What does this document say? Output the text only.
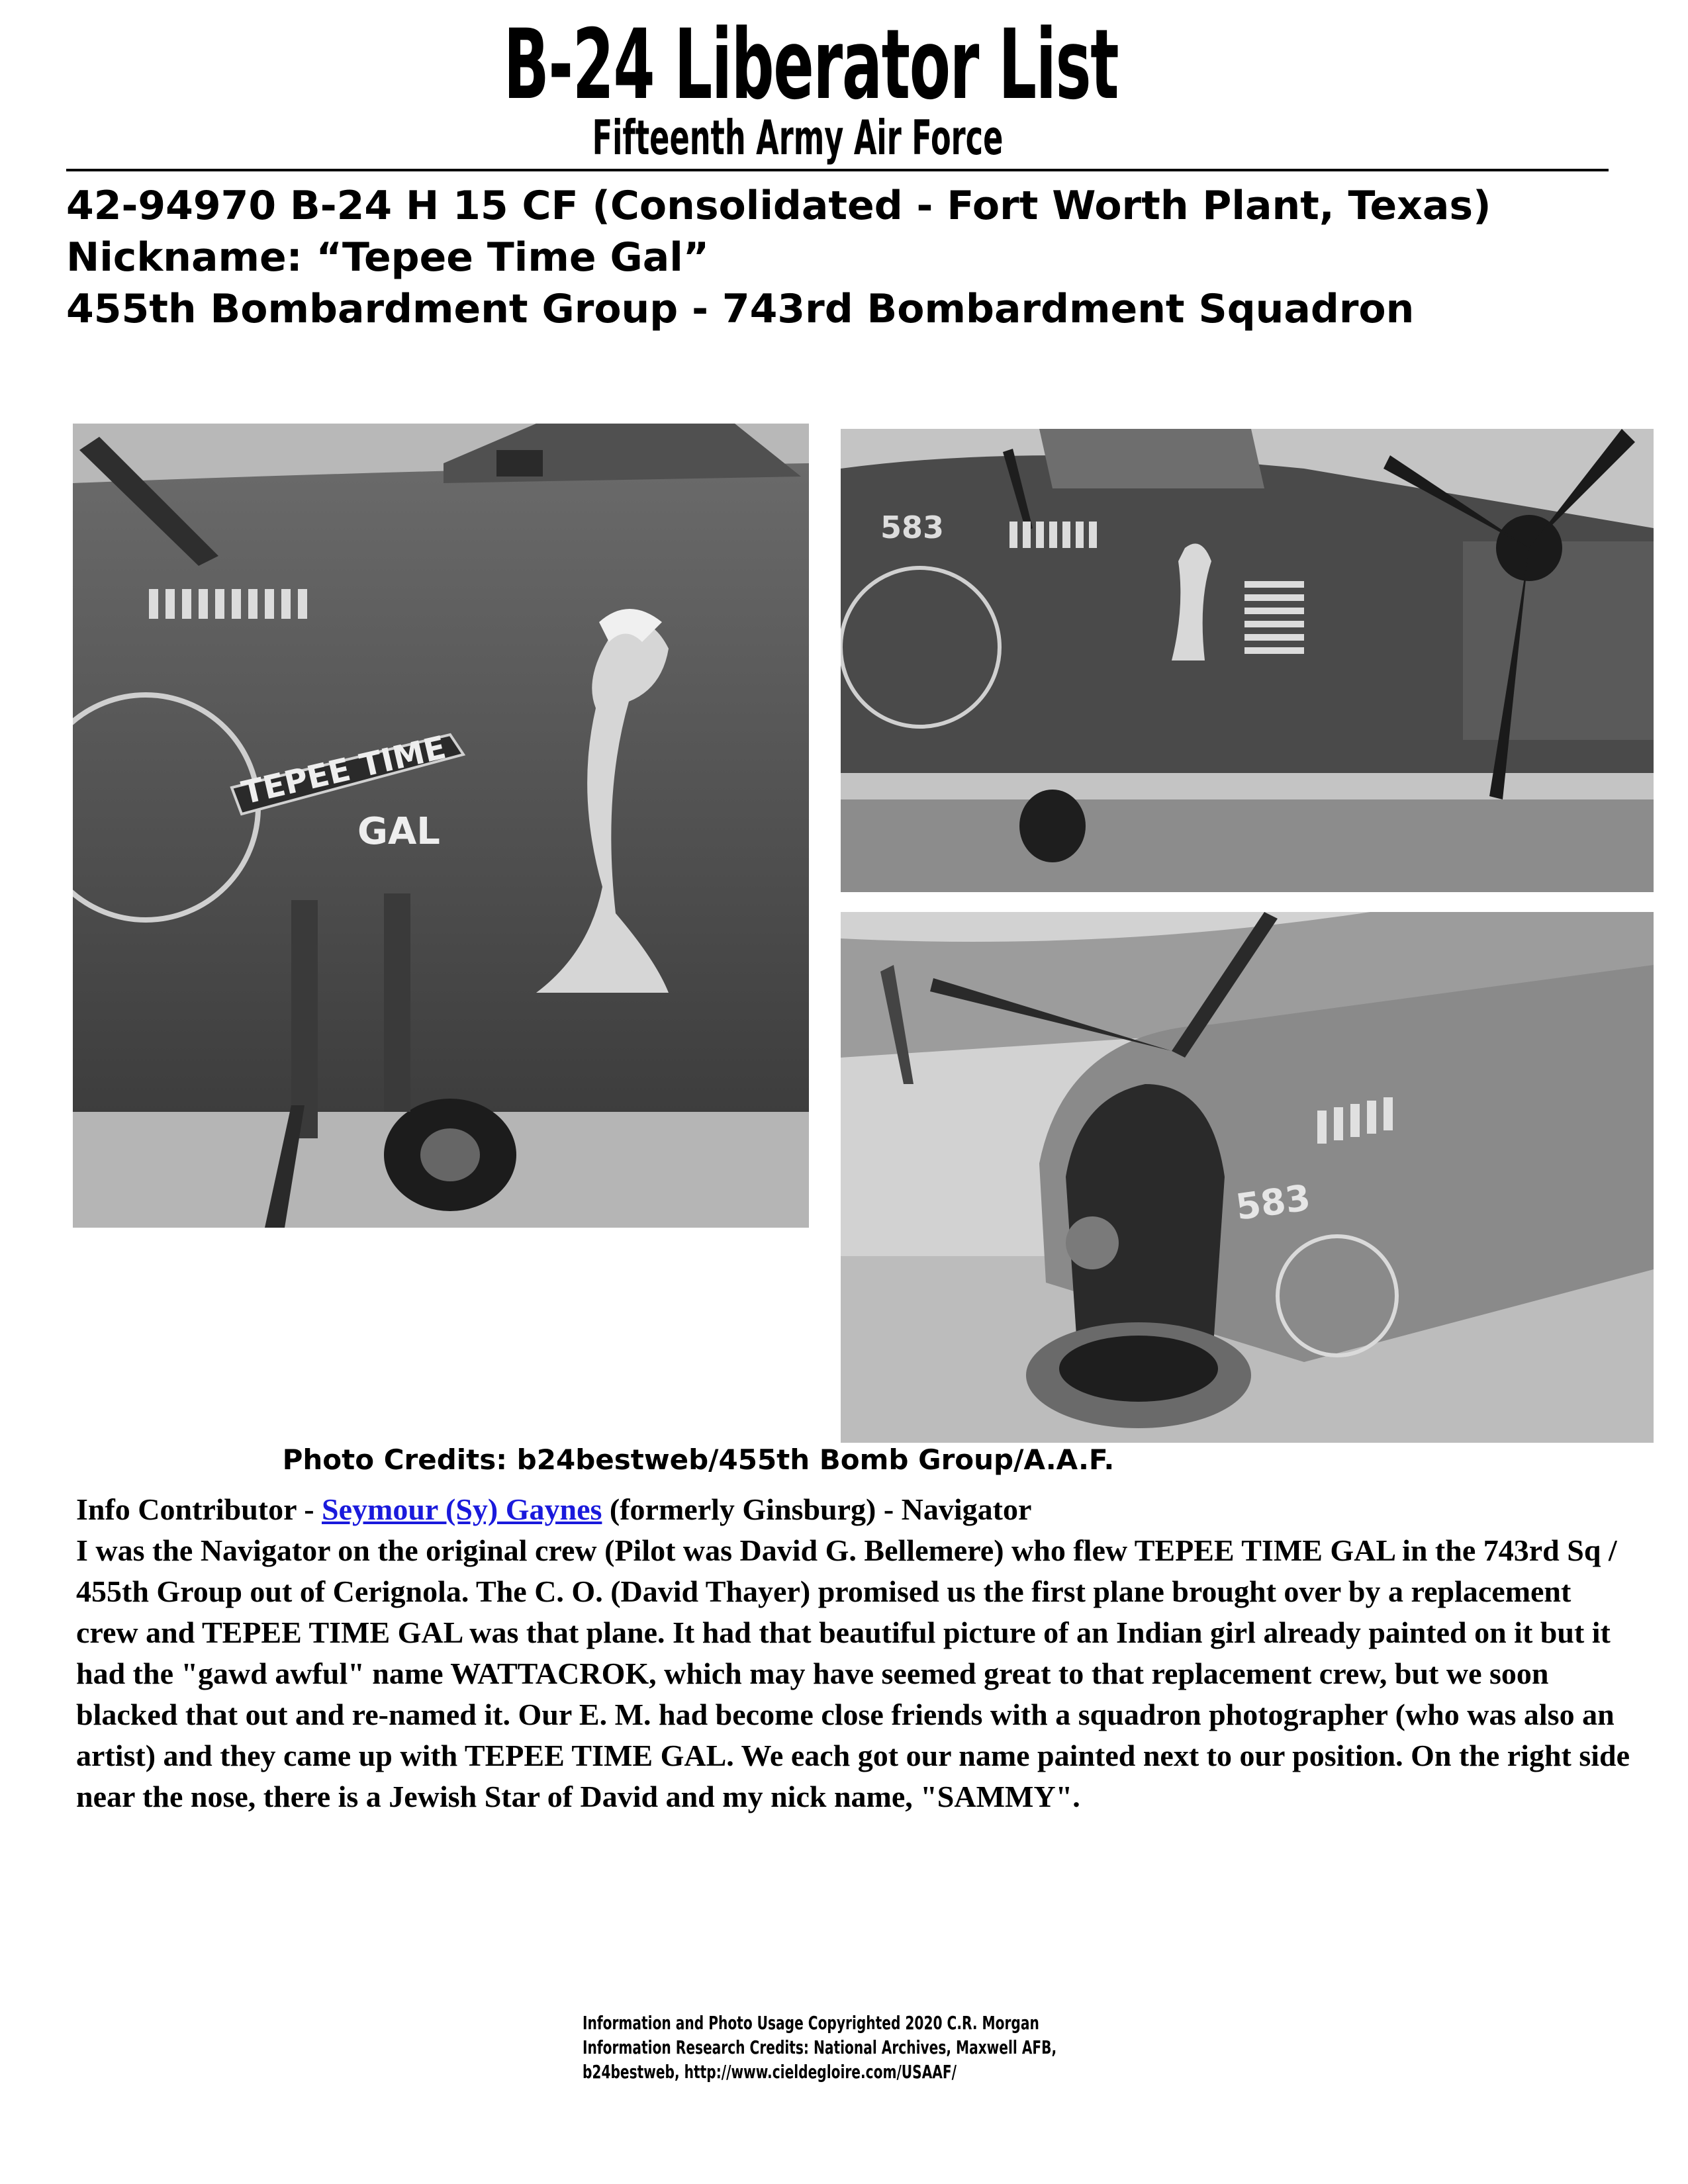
B-24 Liberator List
Fifteenth Army Air Force
42-94970 B-24 H 15 CF (Consolidated - Fort Worth Plant, Texas)
Nickname: “Tepee Time Gal”
455th Bombardment Group - 743rd Bombardment Squadron
TEPEE TIME
GAL
583
583
Photo Credits: b24bestweb/455th Bomb Group/A.A.F.
Info Contributor - Seymour (Sy) Gaynes (formerly Ginsburg) - Navigator
I was the Navigator on the original crew (Pilot was David G. Bellemere) who flew TEPEE TIME GAL in the 743rd Sq / 455th Group out of Cerignola. The C. O. (David Thayer) promised us the first plane brought over by a replacement crew and TEPEE TIME GAL was that plane. It had that beautiful picture of an Indian girl already painted on it but it had the "gawd awful" name WATTACROK, which may have seemed great to that replacement crew, but we soon blacked that out and re-named it. Our E. M. had become close friends with a squadron photographer (who was also an artist) and they came up with TEPEE TIME GAL. We each got our name painted next to our position. On the right side near the nose, there is a Jewish Star of David and my nick name, "SAMMY".
Information and Photo Usage Copyrighted 2020 C.R. Morgan
Information Research Credits: National Archives, Maxwell AFB,
b24bestweb, http://www.cieldegloire.com/USAAF/
